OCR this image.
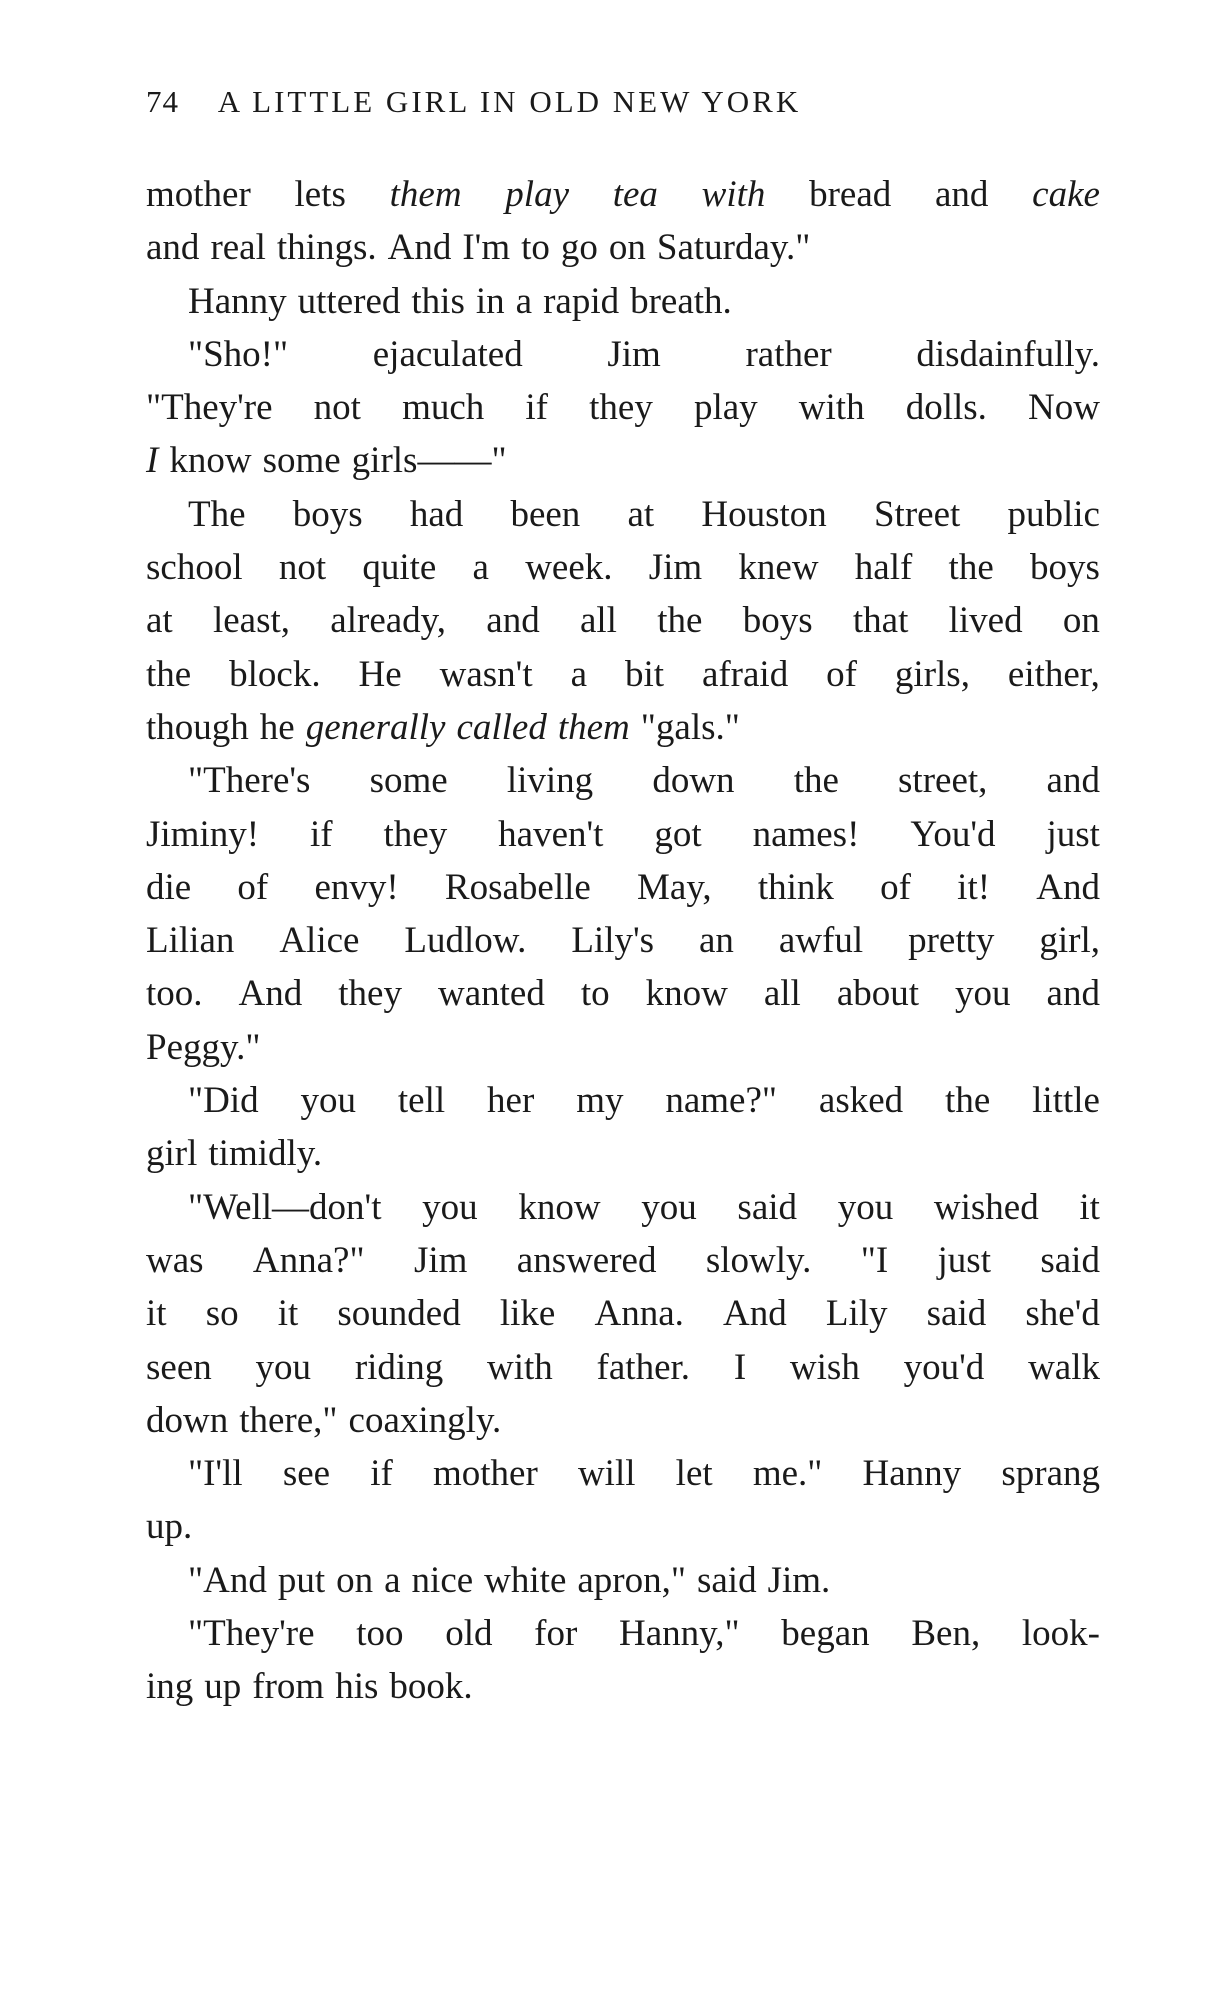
74 A LITTLE GIRL IN OLD NEW YORK
mother lets them play tea with bread and cake
and real things. And I'm to go on Saturday."
Hanny uttered this in a rapid breath.
"Sho!" ejaculated Jim rather disdainfully.
"They're not much if they play with dolls. Now
I know some girls——"
The boys had been at Houston Street public
school not quite a week. Jim knew half the boys
at least, already, and all the boys that lived on
the block. He wasn't a bit afraid of girls, either,
though he generally called them "gals."
"There's some living down the street, and
Jiminy! if they haven't got names! You'd just
die of envy! Rosabelle May, think of it! And
Lilian Alice Ludlow. Lily's an awful pretty girl,
too. And they wanted to know all about you and
Peggy."
"Did you tell her my name?" asked the little
girl timidly.
"Well—don't you know you said you wished it
was Anna?" Jim answered slowly. "I just said
it so it sounded like Anna. And Lily said she'd
seen you riding with father. I wish you'd walk
down there," coaxingly.
"I'll see if mother will let me." Hanny sprang
up.
"And put on a nice white apron," said Jim.
"They're too old for Hanny," began Ben, look-
ing up from his book.
